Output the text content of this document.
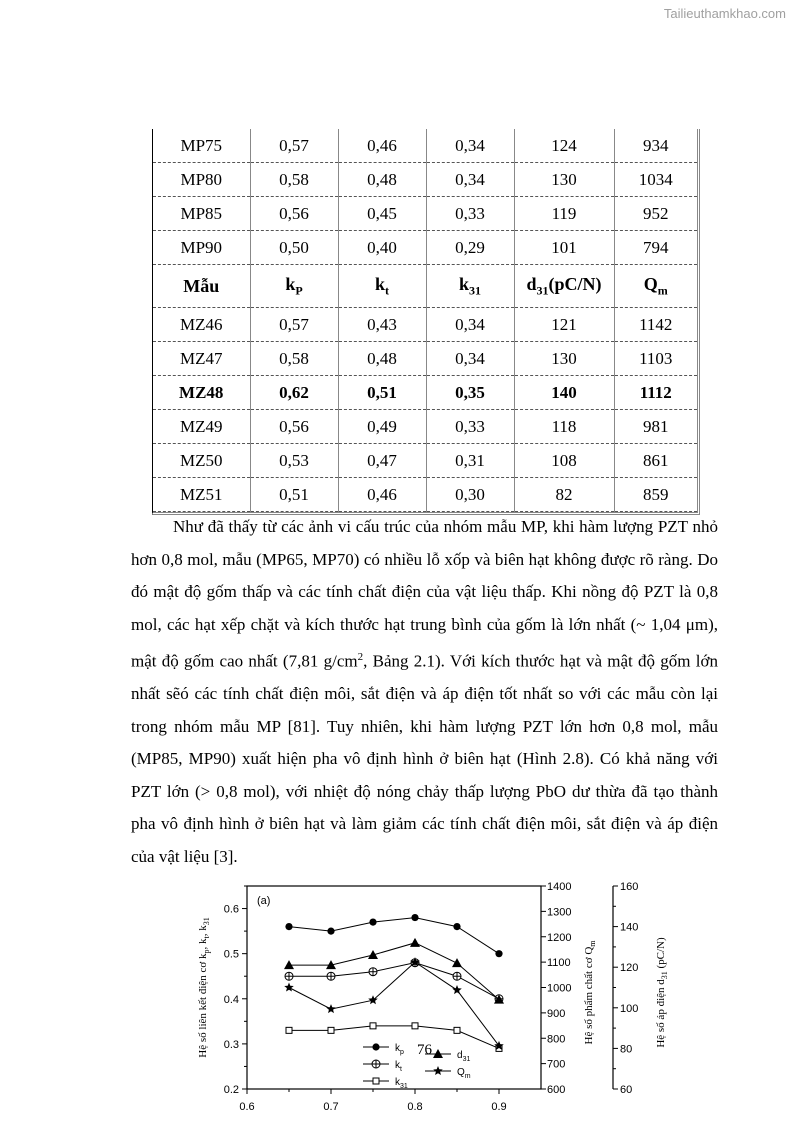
Tailieuthamkhao.com
MP75	0,57	0,46	0,34	124	934
MP80	0,58	0,48	0,34	130	1034
MP85	0,56	0,45	0,33	119	952
MP90	0,50	0,40	0,29	101	794
Mẫu	$k_P$	$k_t$	$k_{31}$	$d_{31}(pC/N)$	$Q_m$
MZ46	0,57	0,43	0,34	121	1142
MZ47	0,58	0,48	0,34	130	1103
MZ48	0,62	0,51	0,35	140	1112
MZ49	0,56	0,49	0,33	118	981
MZ50	0,53	0,47	0,31	108	861
MZ51	0,51	0,46	0,30	82	859

Như đã thấy từ các ảnh vi cấu trúc của nhóm mẫu MP, khi hàm lượng PZT nhỏ hơn 0,8 mol, mẫu (MP65, MP70) có nhiều lỗ xốp và biên hạt không được rõ ràng. Do đó mật độ gốm thấp và các tính chất điện của vật liệu thấp. Khi nồng độ PZT là 0,8 mol, các hạt xếp chặt và kích thước hạt trung bình của gốm là lớn nhất (~ 1,04 μm), mật độ gốm cao nhất (7,81 $g/cm^2$, Bảng 2.1). Với kích thước hạt và mật độ gốm lớn nhất sẽó các tính chất điện môi, sắt điện và áp điện tốt nhất so với các mẫu còn lại trong nhóm mẫu MP [81]. Tuy nhiên, khi hàm lượng PZT lớn hơn 0,8 mol, mẫu (MP85, MP90) xuất hiện pha vô định hình ở biên hạt (Hình 2.8). Có khả năng với PZT lớn (> 0,8 mol), với nhiệt độ nóng chảy thấp lượng PbO dư thừa đã tạo thành pha vô định hình ở biên hạt và làm giảm các tính chất điện môi, sắt điện và áp điện của vật liệu [3].

0.6	0.7	0.8	0.9
0.2
0.3
0.4
0.5
0.6
600
700
800
900
1000
1100
1200
1300
1400
60
80
100
120
140
160
(a)
Hệ số liên kết điện cơ $k_p$, $k_t$, $k_{31}$
Hệ số phẩm chất cơ $Q_m$
Hệ số áp điện $d_{31}$ (pC/N)
$k_p$
$k_t$
$k_{31}$
$d_{31}$
$Q_m$
76
